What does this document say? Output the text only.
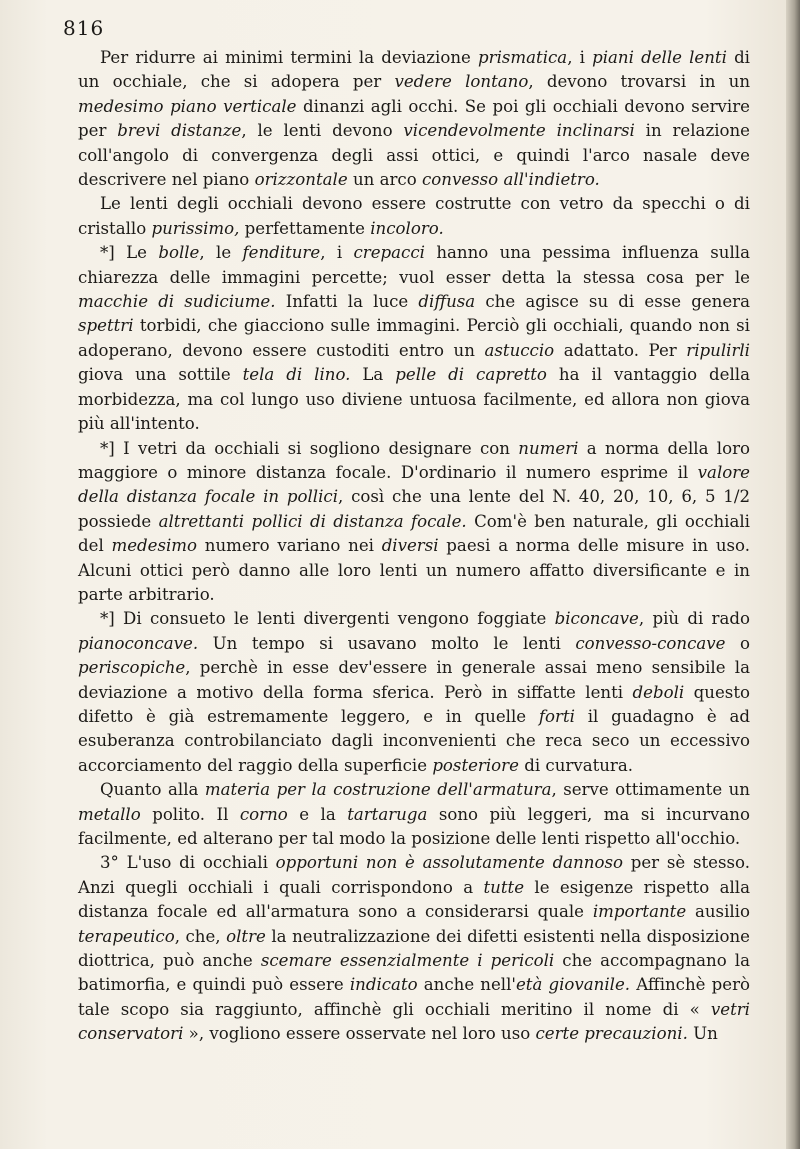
816

Per ridurre ai minimi termini la deviazione prismatica, i piani delle lenti di un occhiale, che si adopera per vedere lontano, devono trovarsi in un medesimo piano verticale dinanzi agli occhi. Se poi gli occhiali devono servire per brevi distanze, le lenti devono vicendevolmente inclinarsi in relazione coll'angolo di convergenza degli assi ottici, e quindi l'arco nasale deve descrivere nel piano orizzontale un arco convesso all'indietro.

Le lenti degli occhiali devono essere costrutte con vetro da specchi o di cristallo purissimo, perfettamente incoloro.

*] Le bolle, le fenditure, i crepacci hanno una pessima influenza sulla chiarezza delle immagini percette; vuol esser detta la stessa cosa per le macchie di sudiciume. Infatti la luce diffusa che agisce su di esse genera spettri torbidi, che giacciono sulle immagini. Perciò gli occhiali, quando non si adoperano, devono essere custoditi entro un astuccio adattato. Per ripulirli giova una sottile tela di lino. La pelle di capretto ha il vantaggio della morbidezza, ma col lungo uso diviene untuosa facilmente, ed allora non giova più all'intento.

*] I vetri da occhiali si sogliono designare con numeri a norma della loro maggiore o minore distanza focale. D'ordinario il numero esprime il valore della distanza focale in pollici, così che una lente del N. 40, 20, 10, 6, 5 1/2 possiede altrettanti pollici di distanza focale. Com'è ben naturale, gli occhiali del medesimo numero variano nei diversi paesi a norma delle misure in uso. Alcuni ottici però danno alle loro lenti un numero affatto diversificante e in parte arbitrario.

*] Di consueto le lenti divergenti vengono foggiate biconcave, più di rado pianoconcave. Un tempo si usavano molto le lenti convesso-concave o periscopiche, perchè in esse dev'essere in generale assai meno sensibile la deviazione a motivo della forma sferica. Però in siffatte lenti deboli questo difetto è già estremamente leggero, e in quelle forti il guadagno è ad esuberanza controbilanciato dagli inconvenienti che reca seco un eccessivo accorciamento del raggio della superficie posteriore di curvatura.

Quanto alla materia per la costruzione dell'armatura, serve ottimamente un metallo polito. Il corno e la tartaruga sono più leggeri, ma si incurvano facilmente, ed alterano per tal modo la posizione delle lenti rispetto all'occhio.

3° L'uso di occhiali opportuni non è assolutamente dannoso per sè stesso. Anzi quegli occhiali i quali corrispondono a tutte le esigenze rispetto alla distanza focale ed all'armatura sono a considerarsi quale importante ausilio terapeutico, che, oltre la neutralizzazione dei difetti esistenti nella disposizione diottrica, può anche scemare essenzialmente i pericoli che accompagnano la batimorfia, e quindi può essere indicato anche nell'età giovanile. Affinchè però tale scopo sia raggiunto, affinchè gli occhiali meritino il nome di « vetri conservatori », vogliono essere osservate nel loro uso certe precauzioni. Un
